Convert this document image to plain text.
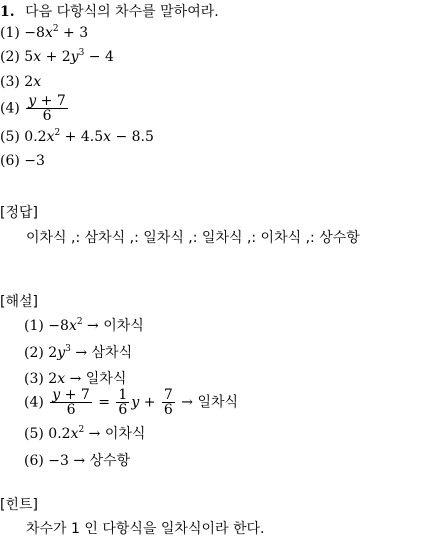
1. 다음 다항식의 차수를 말하여라.
$(1) -8x^2 + 3$
(2) $5x + 2y^3 - 4$
(3) 2x
$(4) \frac{y + 7}{6}$
(5) $0.2x^2 + 4.5x - 8.5$
(6) −3
[정답]
이차식 ,: 삼차식 ,: 일차식 ,: 일차식 ,: 이차식 ,: 상수항
[해설]
$(1) -8x^2$ → 이차식
(2) $2y^3$ → 삼차식
(3) 2x → 일차식
$(4) \frac{y + 7}{6} = \frac{1}{6}$ $y + \frac{7}{6}$ → 일차식
(5) $0.2x^2$ → 이차식
(6) −3 → 상수항
[힌트]
차수가 1 인 다항식을 일차식이라 한다.
